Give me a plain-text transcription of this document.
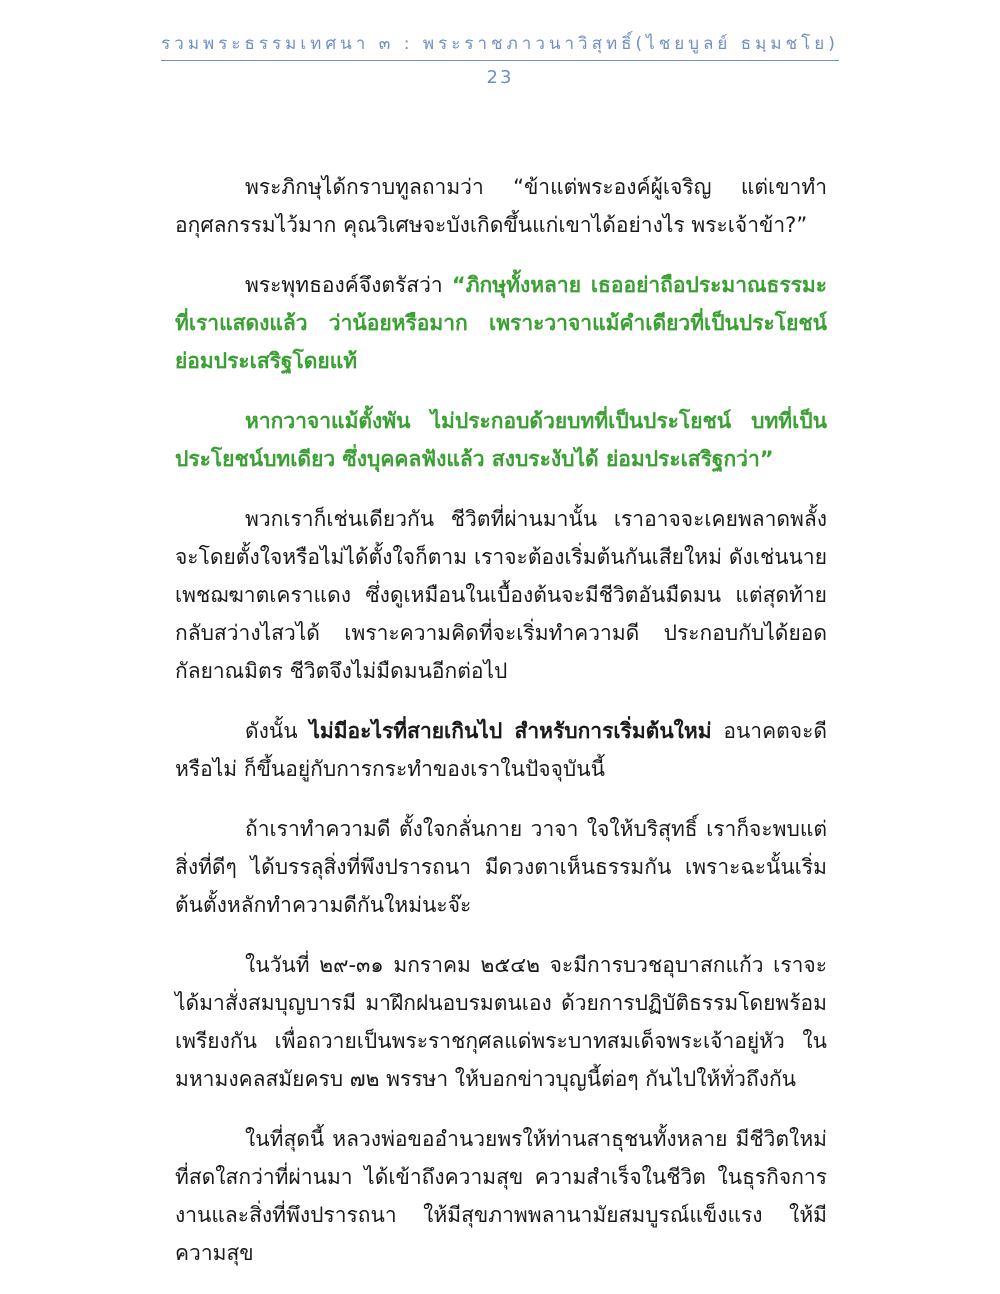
รวมพระธรรมเทศนา ๓ : พระราชภาวนาวิสุทธิ์(ไชยบูลย์ ธมฺมชโย)
23

พระภิกษุได้กราบทูลถามว่า “ข้าแต่พระองค์ผู้เจริญ แต่เขาทำอกุศลกรรมไว้มาก คุณวิเศษจะบังเกิดขึ้นแก่เขาได้อย่างไร พระเจ้าข้า?”

พระพุทธองค์จึงตรัสว่า “ภิกษุทั้งหลาย เธออย่าถือประมาณธรรมะที่เราแสดงแล้ว ว่าน้อยหรือมาก เพราะวาจาแม้คำเดียวที่เป็นประโยชน์ย่อมประเสริฐโดยแท้

หากวาจาแม้ตั้งพัน ไม่ประกอบด้วยบทที่เป็นประโยชน์ บทที่เป็นประโยชน์บทเดียว ซึ่งบุคคลฟังแล้ว สงบระงับได้ ย่อมประเสริฐกว่า”

พวกเราก็เช่นเดียวกัน ชีวิตที่ผ่านมานั้น เราอาจจะเคยพลาดพลั้ง จะโดยตั้งใจหรือไม่ได้ตั้งใจก็ตาม เราจะต้องเริ่มต้นกันเสียใหม่ ดังเช่นนายเพชฌฆาตเคราแดง ซึ่งดูเหมือนในเบื้องต้นจะมีชีวิตอันมืดมน แต่สุดท้ายกลับสว่างไสวได้ เพราะความคิดที่จะเริ่มทำความดี ประกอบกับได้ยอดกัลยาณมิตร ชีวิตจึงไม่มืดมนอีกต่อไป

ดังนั้น ไม่มีอะไรที่สายเกินไป สำหรับการเริ่มต้นใหม่ อนาคตจะดีหรือไม่ ก็ขึ้นอยู่กับการกระทำของเราในปัจจุบันนี้

ถ้าเราทำความดี ตั้งใจกลั่นกาย วาจา ใจให้บริสุทธิ์ เราก็จะพบแต่สิ่งที่ดีๆ ได้บรรลุสิ่งที่พึงปรารถนา มีดวงตาเห็นธรรมกัน เพราะฉะนั้นเริ่มต้นตั้งหลักทำความดีกันใหม่นะจ๊ะ

ในวันที่ ๒๙-๓๑ มกราคม ๒๕๔๒ จะมีการบวชอุบาสกแก้ว เราจะได้มาสั่งสมบุญบารมี มาฝึกฝนอบรมตนเอง ด้วยการปฏิบัติธรรมโดยพร้อมเพรียงกัน เพื่อถวายเป็นพระราชกุศลแด่พระบาทสมเด็จพระเจ้าอยู่หัว ในมหามงคลสมัยครบ ๗๒ พรรษา ให้บอกข่าวบุญนี้ต่อๆ กันไปให้ทั่วถึงกัน

ในที่สุดนี้ หลวงพ่อขออำนวยพรให้ท่านสาธุชนทั้งหลาย มีชีวิตใหม่ที่สดใสกว่าที่ผ่านมา ได้เข้าถึงความสุข ความสำเร็จในชีวิต ในธุรกิจการงานและสิ่งที่พึงปรารถนา ให้มีสุขภาพพลานามัยสมบูรณ์แข็งแรง ให้มีความสุข
